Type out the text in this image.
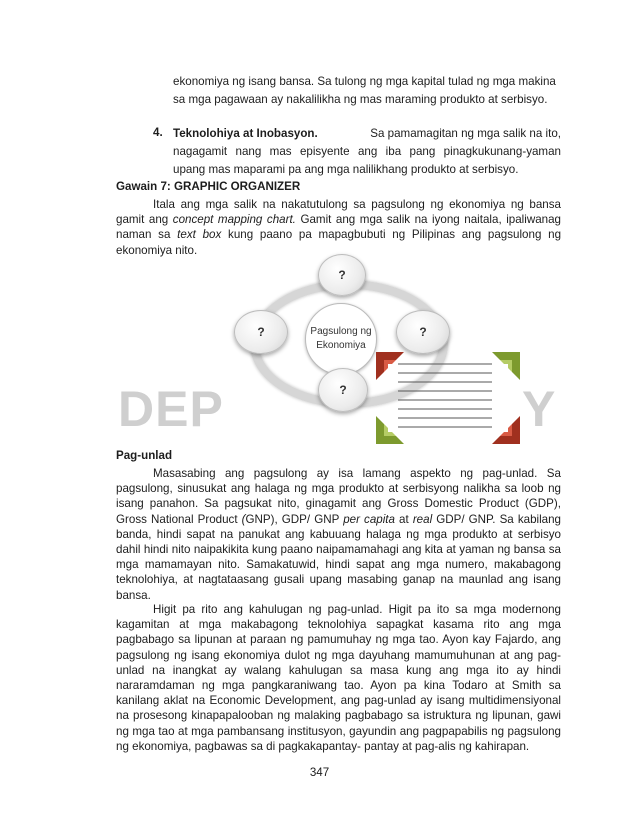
ekonomiya ng isang bansa. Sa tulong ng mga kapital tulad ng mga makina
sa mga pagawaan ay nakalilikha ng mas maraming produkto at serbisyo.
4. Teknolohiya at Inobasyon.	Sa pamamagitan ng mga salik na ito,
nagagamit nang mas episyente ang iba pang pinagkukunang-yaman
upang mas maparami pa ang mga nalilikhang produkto at serbisyo.
Gawain 7: GRAPHIC ORGANIZER
Itala ang mga salik na nakatutulong sa pagsulong ng ekonomiya ng bansa gamit ang concept mapping chart. Gamit ang mga salik na iyong naitala, ipaliwanag naman sa text box kung paano pa mapagbubuti ng Pilipinas ang pagsulong ng ekonomiya nito.
DEP	Y
Pagsulong ng
Ekonomiya
?
?	?
?
Pag-unlad
Masasabing ang pagsulong ay isa lamang aspekto ng pag-unlad. Sa pagsulong, sinusukat ang halaga ng mga produkto at serbisyong nalikha sa loob ng isang panahon. Sa pagsukat nito, ginagamit ang Gross Domestic Product (GDP), Gross National Product (GNP), GDP/ GNP per capita at real GDP/ GNP. Sa kabilang banda, hindi sapat na panukat ang kabuuang halaga ng mga produkto at serbisyo dahil hindi nito naipakikita kung paano naipamamahagi ang kita at yaman ng bansa sa mga mamamayan nito. Samakatuwid, hindi sapat ang mga numero, makabagong teknolohiya, at nagtataasang gusali upang masabing ganap na maunlad ang isang bansa.
Higit pa rito ang kahulugan ng pag-unlad. Higit pa ito sa mga modernong kagamitan at mga makabagong teknolohiya sapagkat kasama rito ang mga pagbabago sa lipunan at paraan ng pamumuhay ng mga tao. Ayon kay Fajardo, ang pagsulong ng isang ekonomiya dulot ng mga dayuhang mamumuhunan at ang pag-unlad na inangkat ay walang kahulugan sa masa kung ang mga ito ay hindi nararamdaman ng mga pangkaraniwang tao. Ayon pa kina Todaro at Smith sa kanilang aklat na Economic Development, ang pag-unlad ay isang multidimensiyonal na prosesong kinapapalooban ng malaking pagbabago sa istruktura ng lipunan, gawi ng mga tao at mga pambansang institusyon, gayundin ang pagpapabilis ng pagsulong ng ekonomiya, pagbawas sa di pagkakapantay- pantay at pag-alis ng kahirapan.
347
